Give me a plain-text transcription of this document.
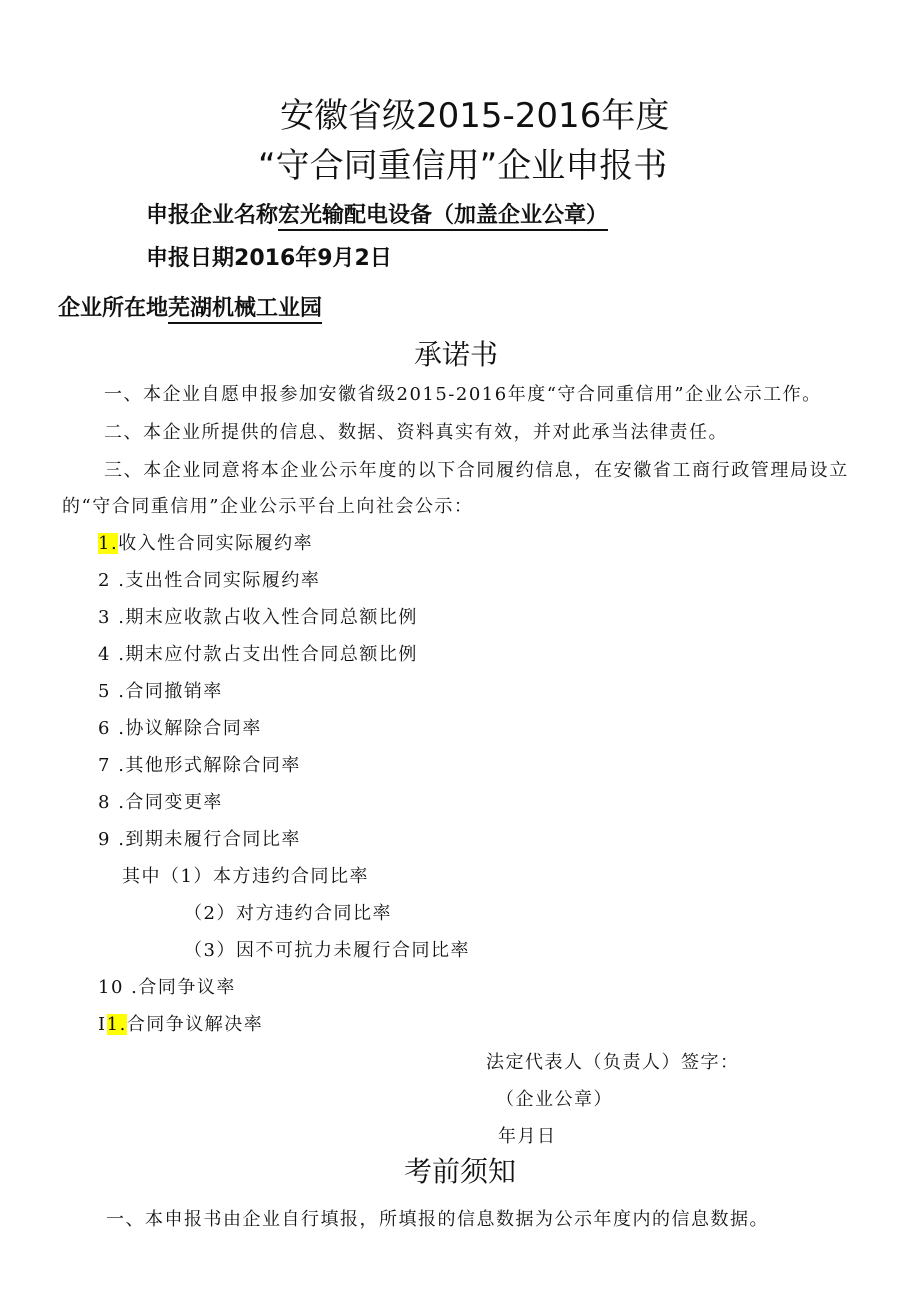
安徽省级2015-2016年度
“守合同重信用”企业申报书
申报企业名称宏光输配电设备（加盖企业公章）
申报日期2016年9月2日
企业所在地芜湖机械工业园
承诺书
一、本企业自愿申报参加安徽省级2015-2016年度“守合同重信用”企业公示工作。
二、本企业所提供的信息、数据、资料真实有效，并对此承当法律责任。
三、本企业同意将本企业公示年度的以下合同履约信息，在安徽省工商行政管理局设立
的“守合同重信用”企业公示平台上向社会公示：
1.收入性合同实际履约率
2 .支出性合同实际履约率
3 .期末应收款占收入性合同总额比例
4 .期末应付款占支出性合同总额比例
5 .合同撤销率
6 .协议解除合同率
7 .其他形式解除合同率
8 .合同变更率
9 .到期未履行合同比率
其中（1）本方违约合同比率
（2）对方违约合同比率
（3）因不可抗力未履行合同比率
10 .合同争议率
I1.合同争议解决率
法定代表人（负责人）签字：
（企业公章）
年月日
考前须知
一、本申报书由企业自行填报，所填报的信息数据为公示年度内的信息数据。
